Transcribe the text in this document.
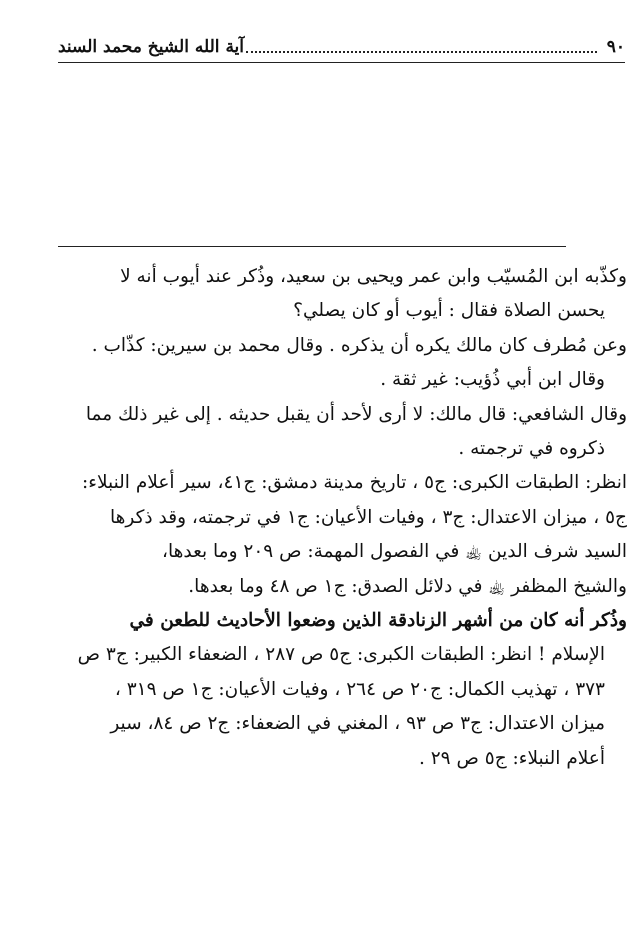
٩٠
آية الله الشيخ محمد السند

وكذّبه ابن المُسيّب وابن عمر ويحيى بن سعيد، وذُكر عند أيوب أنه لا

يحسن الصلاة فقال : أيوب أو كان يصلي؟

وعن مُطرف كان مالك يكره أن يذكره . وقال محمد بن سيرين: كذّاب .

وقال ابن أبي ذُؤيب: غير ثقة .

وقال الشافعي: قال مالك: لا أرى لأحد أن يقبل حديثه . إلى غير ذلك مما

ذكروه في ترجمته .

انظر: الطبقات الكبرى: ج٥ ، تاريخ مدينة دمشق: ج٤١، سير أعلام النبلاء:

ج٥ ، ميزان الاعتدال: ج٣ ، وفيات الأعيان: ج١ في ترجمته، وقد ذكرها

السيد شرف الدين ﵀ في الفصول المهمة: ص ٢٠٩ وما بعدها،

والشيخ المظفر ﵀ في دلائل الصدق: ج١ ص ٤٨ وما بعدها.

وذُكر أنه كان من أشهر الزنادقة الذين وضعوا الأحاديث للطعن في

الإسلام ! انظر: الطبقات الكبرى: ج٥ ص ٢٨٧ ، الضعفاء الكبير: ج٣ ص

٣٧٣ ، تهذيب الكمال: ج٢٠ ص ٢٦٤ ، وفيات الأعيان: ج١ ص ٣١٩ ،

ميزان الاعتدال: ج٣ ص ٩٣ ، المغني في الضعفاء: ج٢ ص ٨٤، سير

أعلام النبلاء: ج٥ ص ٢٩ .
